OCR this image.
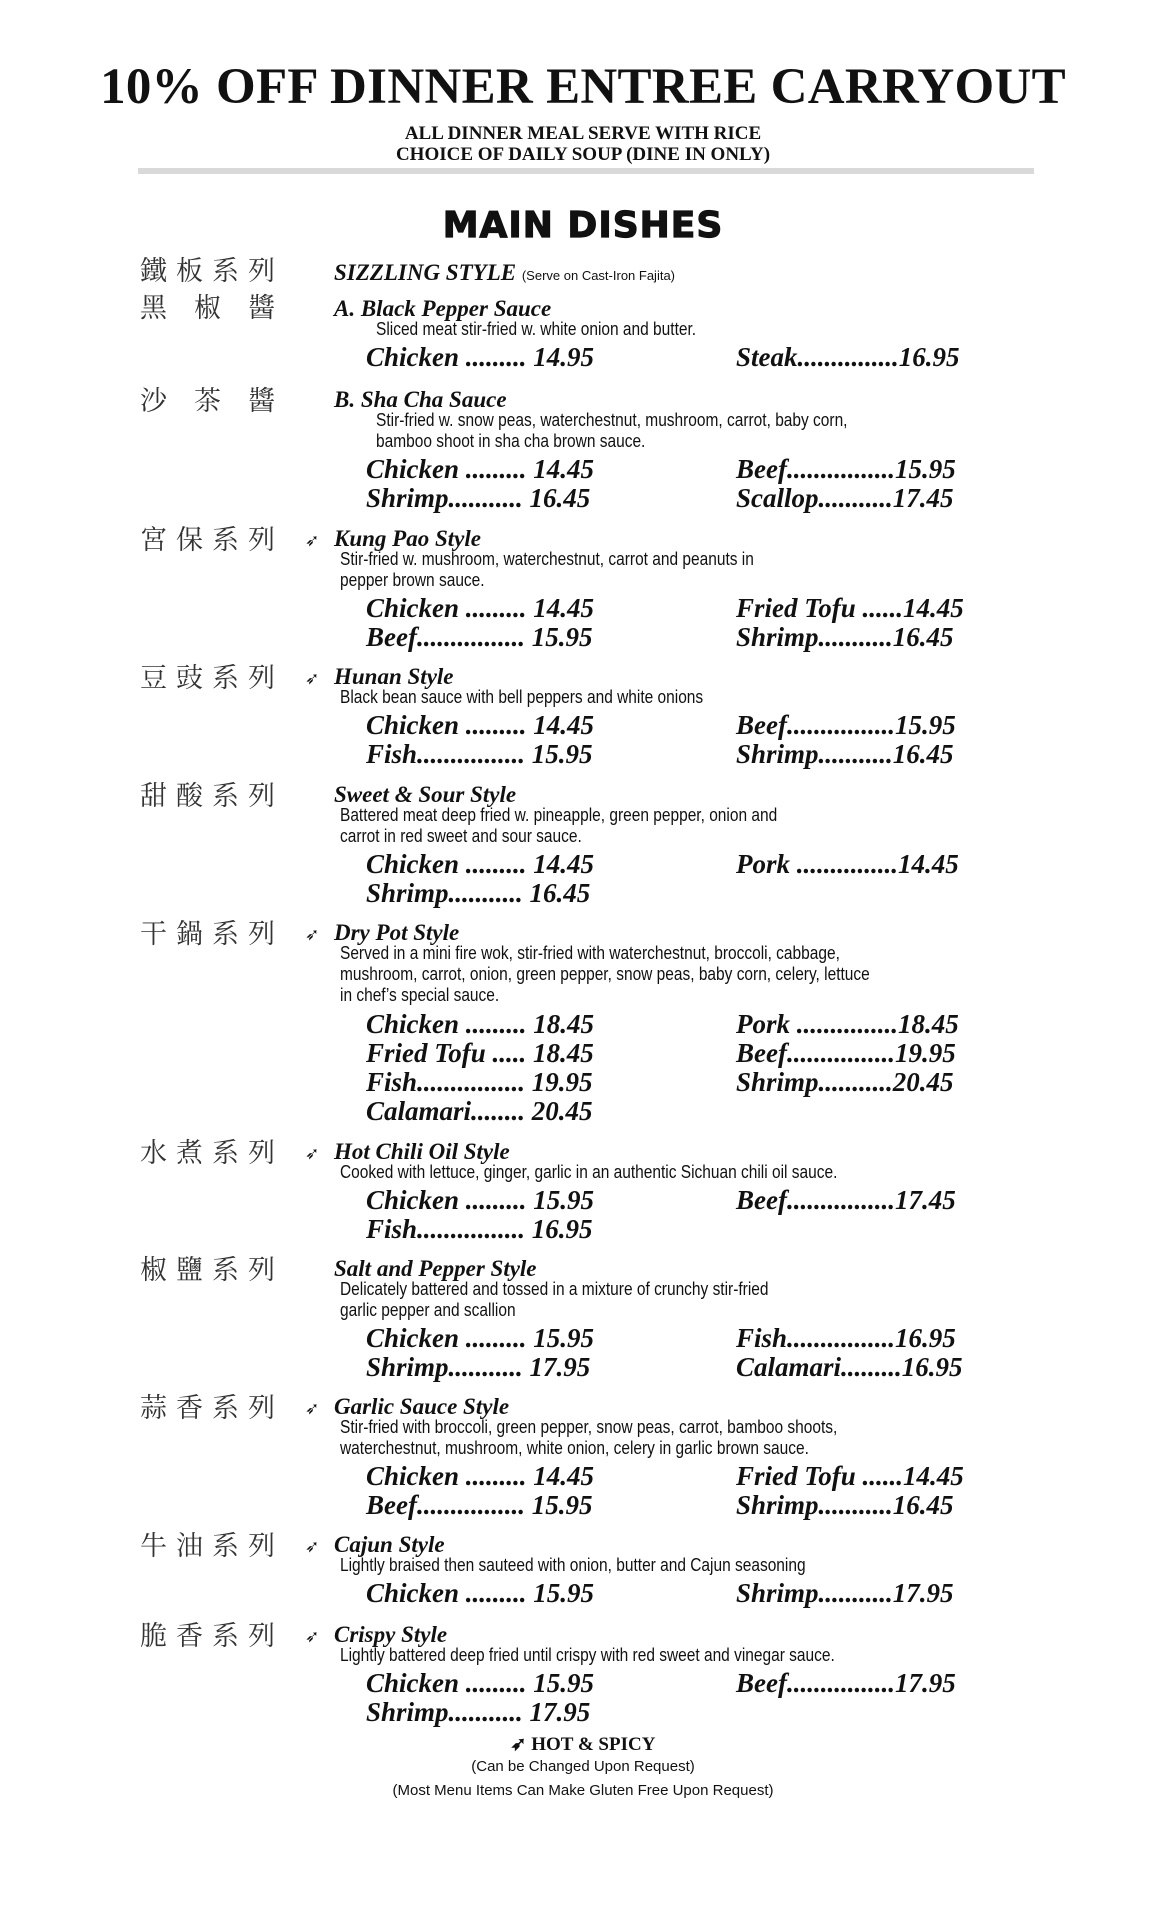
10% OFF DINNER ENTREE CARRYOUT
ALL DINNER MEAL SERVE WITH RICE
CHOICE OF DAILY SOUP (DINE IN ONLY)
MAIN DISHES
鐵 板 系 列	SIZZLING STYLE (Serve on Cast-Iron Fajita)
黑 椒 醬	A. Black Pepper Sauce
Sliced meat stir-fried w. white onion and butter.
Chicken ......... 14.95	Steak...............16.95
沙 茶 醬	B. Sha Cha Sauce
Stir-fried w. snow peas, waterchestnut, mushroom, carrot, baby corn,
bamboo shoot in sha cha brown sauce.
Chicken ......... 14.45	Beef................15.95
Shrimp........... 16.45	Scallop...........17.45
宮 保 系 列 ➶ Kung Pao Style
Stir-fried w. mushroom, waterchestnut, carrot and peanuts in
pepper brown sauce.
Chicken ......... 14.45	Fried Tofu ......14.45
Beef................ 15.95	Shrimp...........16.45
豆 豉 系 列 ➶ Hunan Style
Black bean sauce with bell peppers and white onions
Chicken ......... 14.45	Beef................15.95
Fish................ 15.95	Shrimp...........16.45
甜 酸 系 列	Sweet & Sour Style
Battered meat deep fried w. pineapple, green pepper, onion and
carrot in red sweet and sour sauce.
Chicken ......... 14.45	Pork ...............14.45
Shrimp........... 16.45
干 鍋 系 列 ➶ Dry Pot Style
Served in a mini fire wok, stir-fried with waterchestnut, broccoli, cabbage,
mushroom, carrot, onion, green pepper, snow peas, baby corn, celery, lettuce
in chef’s special sauce.
Chicken ......... 18.45	Pork ...............18.45
Fried Tofu ..... 18.45	Beef................19.95
Fish................ 19.95	Shrimp...........20.45
Calamari........ 20.45
水 煮 系 列 ➶ Hot Chili Oil Style
Cooked with lettuce, ginger, garlic in an authentic Sichuan chili oil sauce.
Chicken ......... 15.95	Beef................17.45
Fish................ 16.95
椒 鹽 系 列	Salt and Pepper Style
Delicately battered and tossed in a mixture of crunchy stir-fried
garlic pepper and scallion
Chicken ......... 15.95	Fish................16.95
Shrimp........... 17.95	Calamari.........16.95
蒜 香 系 列 ➶ Garlic Sauce Style
Stir-fried with broccoli, green pepper, snow peas, carrot, bamboo shoots,
waterchestnut, mushroom, white onion, celery in garlic brown sauce.
Chicken ......... 14.45	Fried Tofu ......14.45
Beef................ 15.95	Shrimp...........16.45
牛 油 系 列 ➶ Cajun Style
Lightly braised then sauteed with onion, butter and Cajun seasoning
Chicken ......... 15.95	Shrimp...........17.95
脆 香 系 列 ➶ Crispy Style
Lightly battered deep fried until crispy with red sweet and vinegar sauce.
Chicken ......... 15.95	Beef................17.95
Shrimp........... 17.95
➶ HOT & SPICY
(Can be Changed Upon Request)
(Most Menu Items Can Make Gluten Free Upon Request)
